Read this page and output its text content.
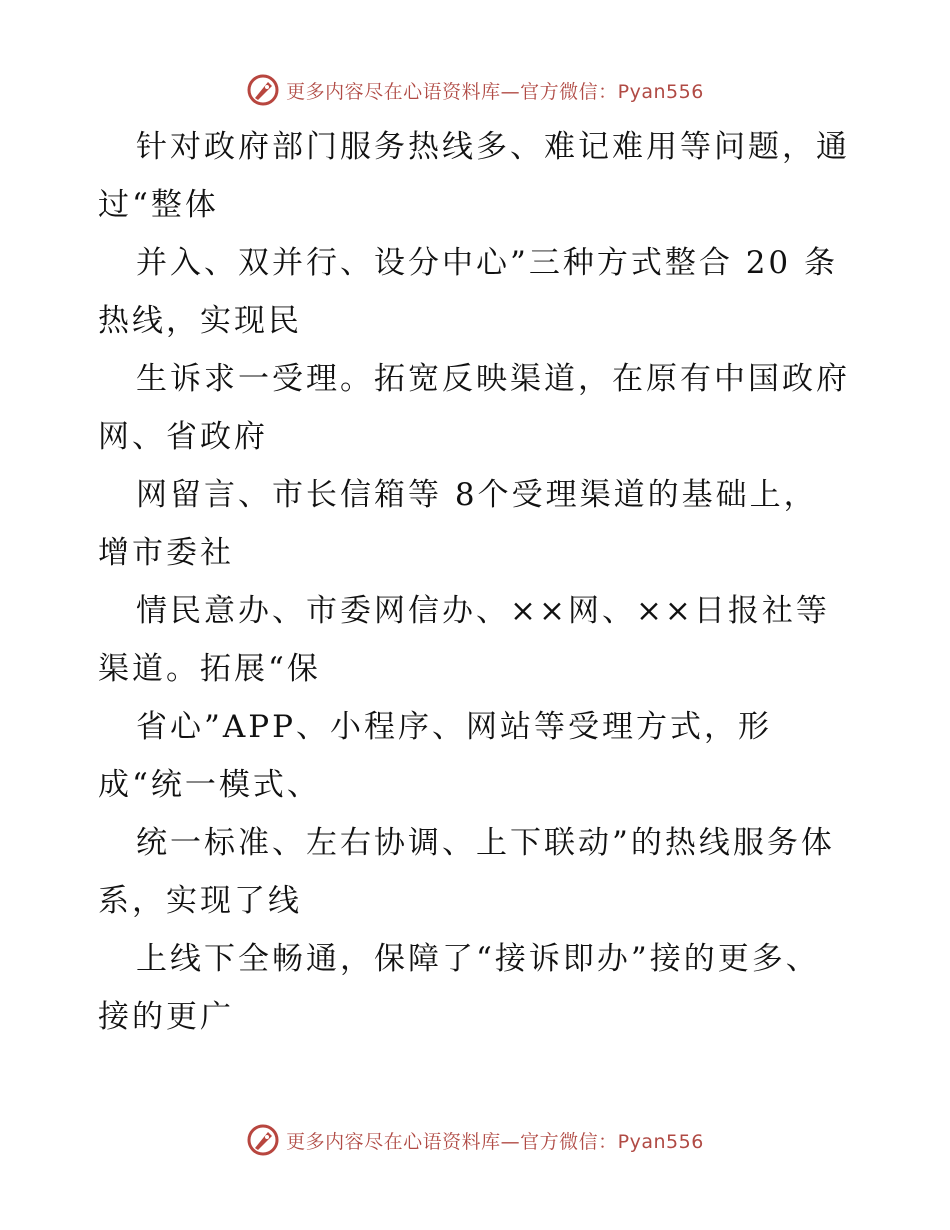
更多内容尽在心语资料库—官方微信：Pyan556
针对政府部门服务热线多、难记难用等问题，通
过“整体
并入、双并行、设分中心”三种方式整合 20 条
热线，实现民
生诉求一受理。拓宽反映渠道，在原有中国政府
网、省政府
网留言、市长信箱等 8个受理渠道的基础上，
增市委社
情民意办、市委网信办、××网、××日报社等
渠道。拓展“保
省心”APP、小程序、网站等受理方式，形
成“统一模式、
统一标准、左右协调、上下联动”的热线服务体
系，实现了线
上线下全畅通，保障了“接诉即办”接的更多、
接的更广
更多内容尽在心语资料库—官方微信：Pyan556
